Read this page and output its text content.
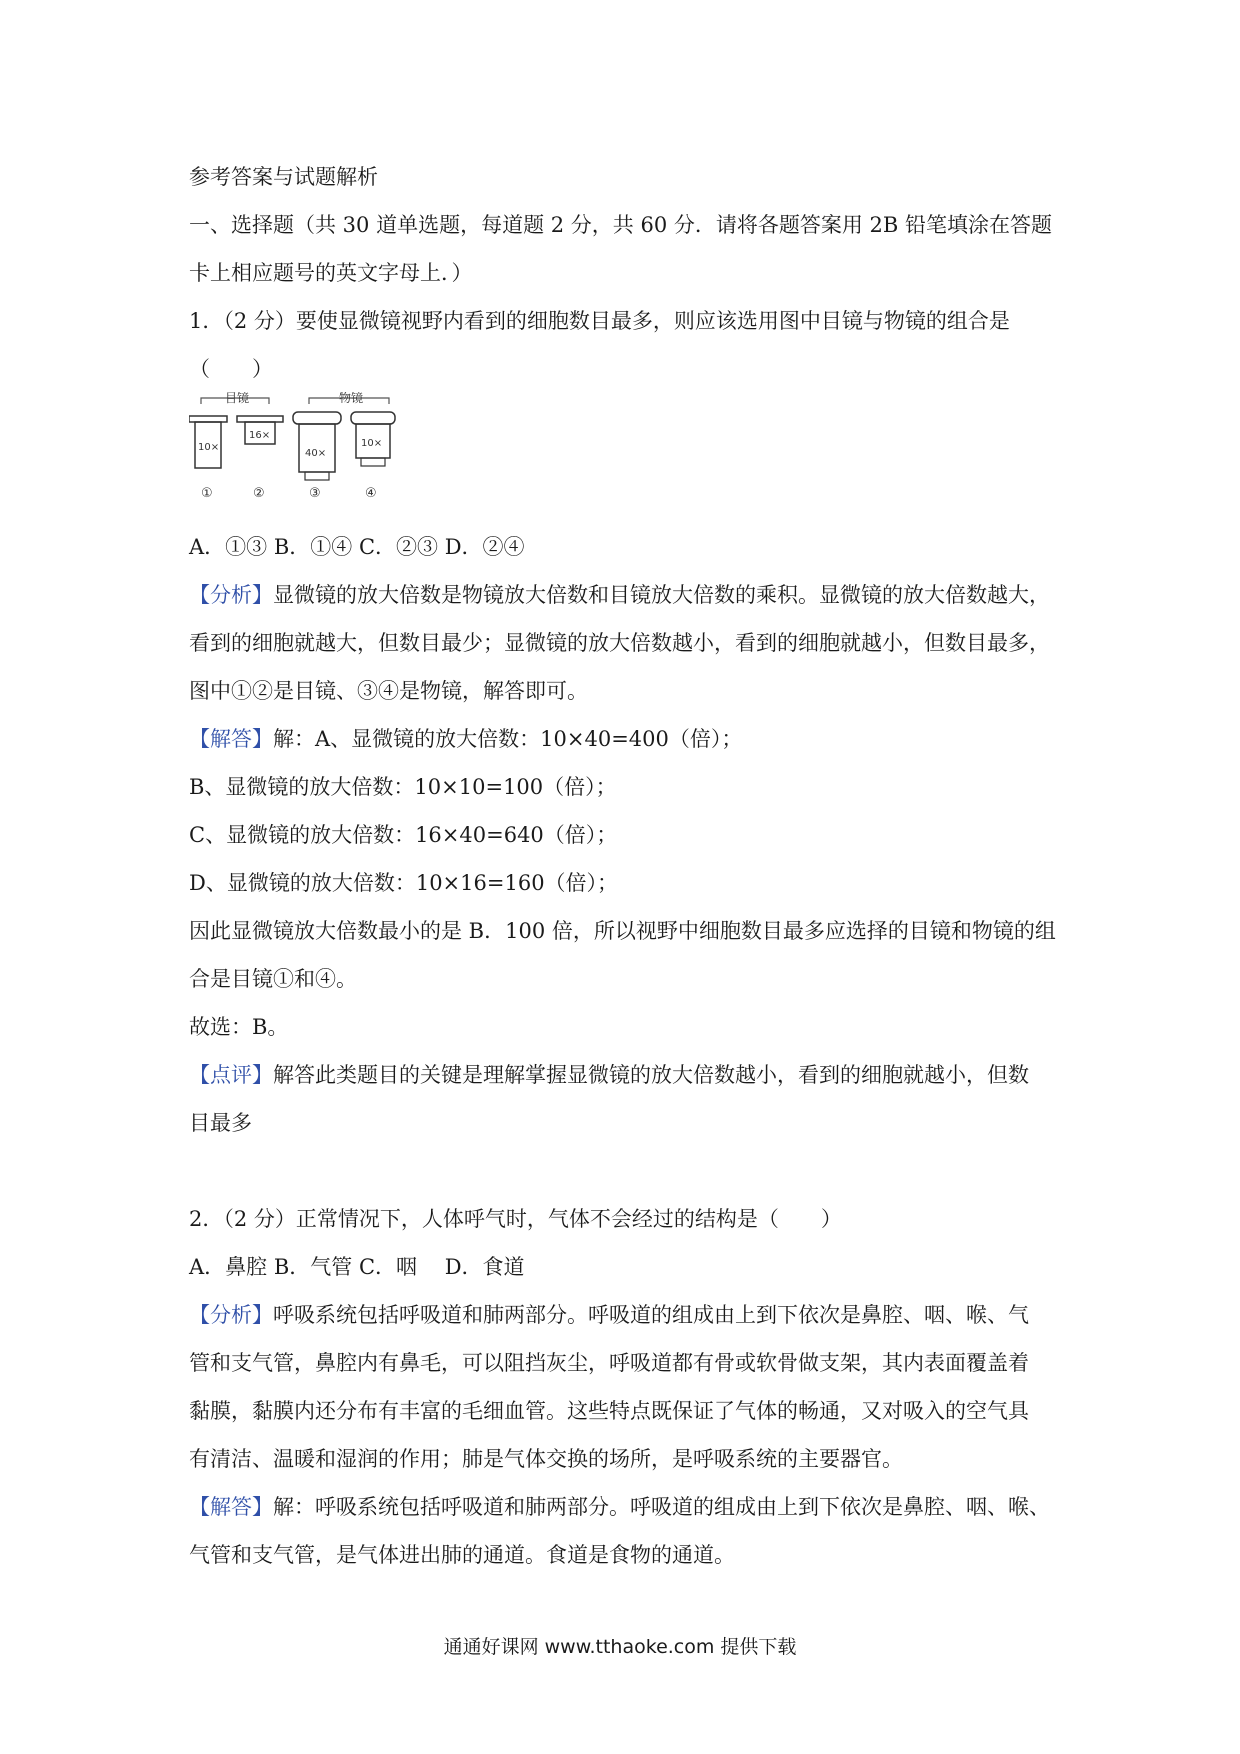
参考答案与试题解析
一、选择题（共 30 道单选题，每道题 2 分，共 60 分．请将各题答案用 2B 铅笔填涂在答题
卡上相应题号的英文字母上．）
1．（2 分）要使显微镜视野内看到的细胞数目最多，则应该选用图中目镜与物镜的组合是
（　　）
目镜	物镜
10×
①
16×
②
40×
③
10×
④
A．①③ B．①④ C．②③ D．②④
【分析】显微镜的放大倍数是物镜放大倍数和目镜放大倍数的乘积。显微镜的放大倍数越大，
看到的细胞就越大，但数目最少；显微镜的放大倍数越小，看到的细胞就越小，但数目最多，
图中①②是目镜、③④是物镜，解答即可。
【解答】解：A、显微镜的放大倍数：10×40=400（倍）；
B、显微镜的放大倍数：10×10=100（倍）；
C、显微镜的放大倍数：16×40=640（倍）；
D、显微镜的放大倍数：10×16=160（倍）；
因此显微镜放大倍数最小的是 B．100 倍，所以视野中细胞数目最多应选择的目镜和物镜的组
合是目镜①和④。
故选：B。
【点评】解答此类题目的关键是理解掌握显微镜的放大倍数越小，看到的细胞就越小，但数
目最多
2．（2 分）正常情况下，人体呼气时，气体不会经过的结构是（　　）
A．鼻腔 B．气管 C．咽　 D．食道
【分析】呼吸系统包括呼吸道和肺两部分。呼吸道的组成由上到下依次是鼻腔、咽、喉、气
管和支气管，鼻腔内有鼻毛，可以阻挡灰尘，呼吸道都有骨或软骨做支架，其内表面覆盖着
黏膜，黏膜内还分布有丰富的毛细血管。这些特点既保证了气体的畅通，又对吸入的空气具
有清洁、温暖和湿润的作用；肺是气体交换的场所，是呼吸系统的主要器官。
【解答】解：呼吸系统包括呼吸道和肺两部分。呼吸道的组成由上到下依次是鼻腔、咽、喉、
气管和支气管，是气体进出肺的通道。食道是食物的通道。
通通好课网 www.tthaoke.com 提供下载
